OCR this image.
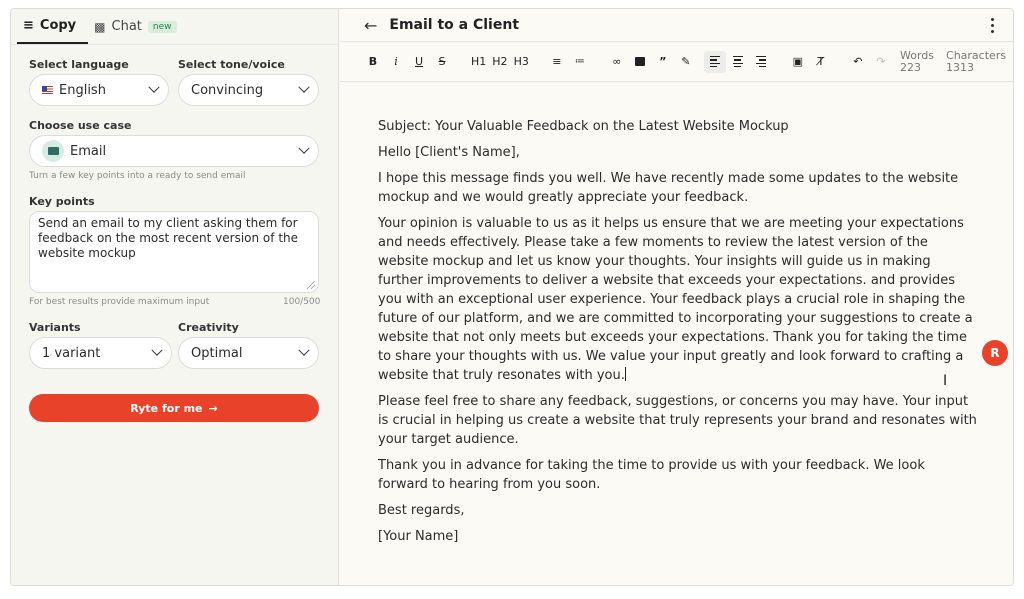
≡ Copy ▩ Chat	new
Select language	Select tone/voice
English	Convincing
Choose use case
Email
Turn a few key points into a ready to send email
Key points
Send an email to my client asking them for feedback on the most recent version of the website mockup
For best results provide maximum input	100/500
Variants	Creativity
1 variant	Optimal
Ryte for me →
← Email to a Client
B	i	U	S	H1 H2 H3	≡	≔	∞	”	✎	▣	T̸	↶	↷	Words
223
Characters
1313
Subject: Your Valuable Feedback on the Latest Website Mockup
Hello [Client's Name],
I hope this message finds you well. We have recently made some updates to the website mockup and we would greatly appreciate your feedback.
Your opinion is valuable to us as it helps us ensure that we are meeting your expectations and needs effectively. Please take a few moments to review the latest version of the website mockup and let us know your thoughts. Your insights will guide us in making further improvements to deliver a website that exceeds your expectations. and provides you with an exceptional user experience. Your feedback plays a crucial role in shaping the future of our platform, and we are committed to incorporating your suggestions to create a website that not only meets but exceeds your expectations. Thank you for taking the time to share your thoughts with us. We value your input greatly and look forward to crafting a website that truly resonates with you.
Please feel free to share any feedback, suggestions, or concerns you may have. Your input is crucial in helping us create a website that truly represents your brand and resonates with your target audience.
Thank you in advance for taking the time to provide us with your feedback. We look forward to hearing from you soon.
Best regards,
[Your Name]
R
I
